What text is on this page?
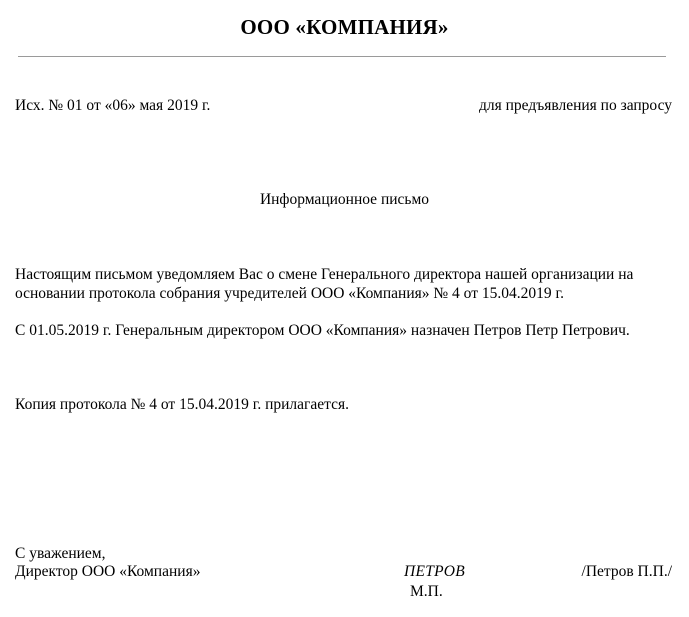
ООО «КОМПАНИЯ»
Исх. № 01 от «06» мая 2019 г.	для предъявления по запросу
Информационное письмо
Настоящим письмом уведомляем Вас о смене Генерального директора нашей организации на основании протокола собрания учредителей ООО «Компания» № 4 от 15.04.2019 г.
С 01.05.2019 г. Генеральным директором ООО «Компания» назначен Петров Петр Петрович.
Копия протокола № 4 от 15.04.2019 г. прилагается.
С уважением,
Директор ООО «Компания»	ПЕТРОВ	/Петров П.П./
М.П.
